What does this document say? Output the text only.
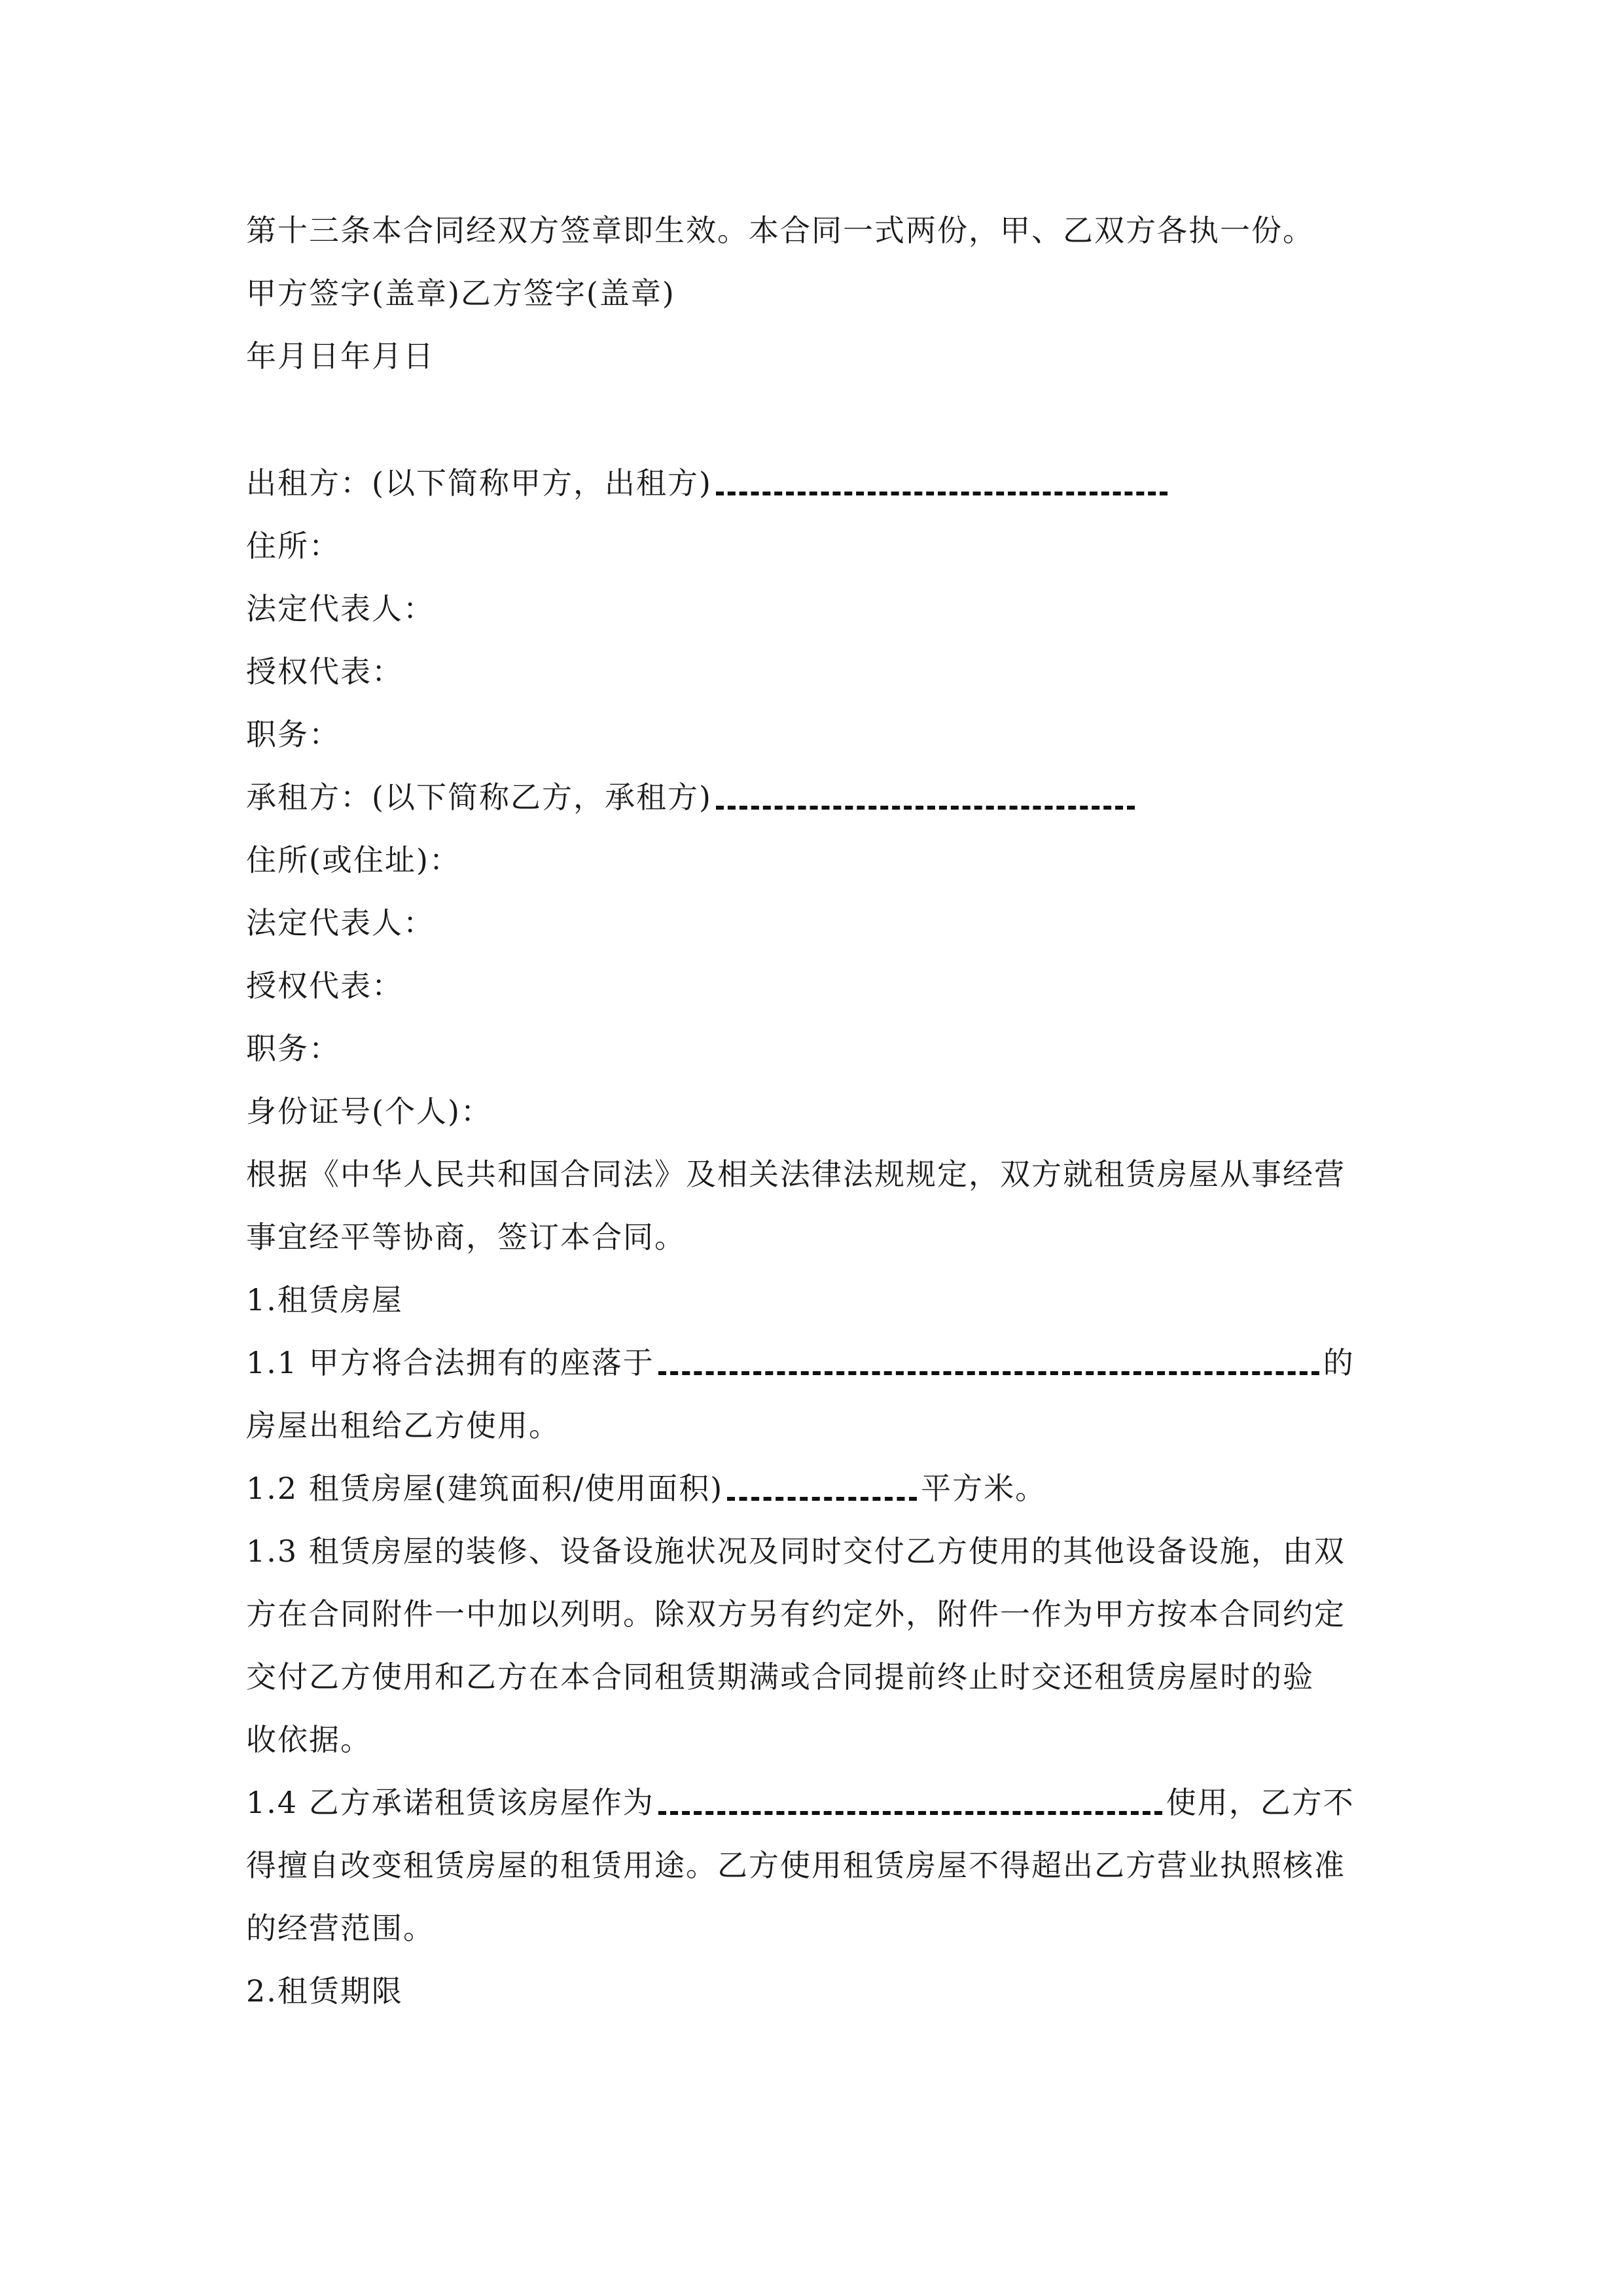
第十三条本合同经双方签章即生效。本合同一式两份，甲、乙双方各执一份。
甲方签字(盖章)乙方签字(盖章)
年月日年月日
出租方：(以下简称甲方，出租方)
住所：
法定代表人：
授权代表：
职务：
承租方：(以下简称乙方，承租方)
住所(或住址)：
法定代表人：
授权代表：
职务：
身份证号(个人)：
根据《中华人民共和国合同法》及相关法律法规规定，双方就租赁房屋从事经营
事宜经平等协商，签订本合同。
1.租赁房屋
1.1 甲方将合法拥有的座落于	的
房屋出租给乙方使用。
1.2 租赁房屋(建筑面积/使用面积)	平方米。
1.3 租赁房屋的装修、设备设施状况及同时交付乙方使用的其他设备设施，由双
方在合同附件一中加以列明。除双方另有约定外，附件一作为甲方按本合同约定
交付乙方使用和乙方在本合同租赁期满或合同提前终止时交还租赁房屋时的验
收依据。
1.4 乙方承诺租赁该房屋作为	使用，乙方不
得擅自改变租赁房屋的租赁用途。乙方使用租赁房屋不得超出乙方营业执照核准
的经营范围。
2.租赁期限
